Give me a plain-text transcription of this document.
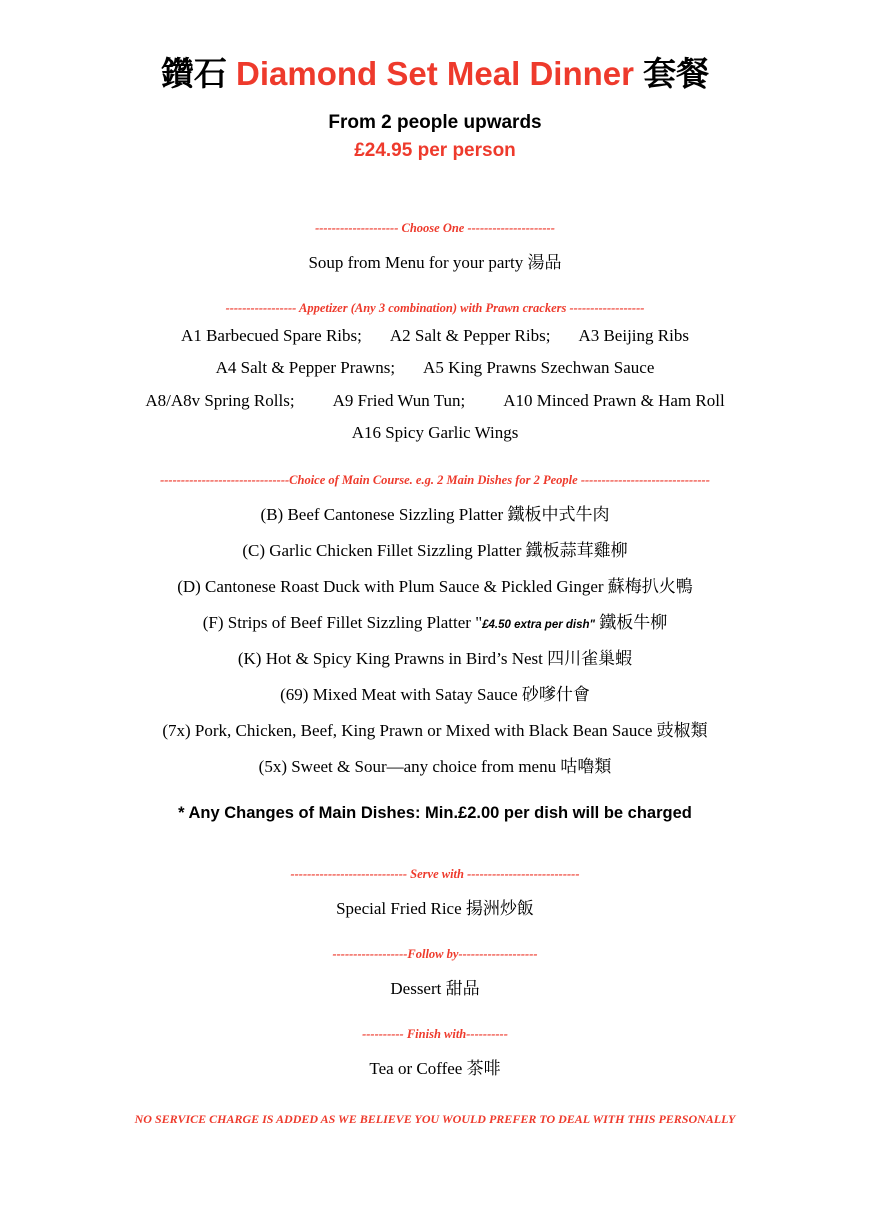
鑽石 Diamond Set Meal Dinner 套餐
From 2 people upwards
£24.95 per person
-------------------- Choose One ---------------------
Soup from Menu for your party 湯品
----------------- Appetizer (Any 3 combination) with Prawn crackers ------------------
A1 Barbecued Spare Ribs; A2 Salt & Pepper Ribs; A3 Beijing Ribs
A4 Salt & Pepper Prawns; A5 King Prawns Szechwan Sauce
A8/A8v Spring Rolls; A9 Fried Wun Tun; A10 Minced Prawn & Ham Roll
A16 Spicy Garlic Wings
-------------------------------Choice of Main Course. e.g. 2 Main Dishes for 2 People -------------------------------
(B) Beef Cantonese Sizzling Platter 鐵板中式牛肉
(C) Garlic Chicken Fillet Sizzling Platter 鐵板蒜茸雞柳
(D) Cantonese Roast Duck with Plum Sauce & Pickled Ginger 蘇梅扒火鴨
(F) Strips of Beef Fillet Sizzling Platter "£4.50 extra per dish" 鐵板牛柳
(K) Hot & Spicy King Prawns in Bird’s Nest 四川雀巢蝦
(69) Mixed Meat with Satay Sauce 砂嗲什會
(7x) Pork, Chicken, Beef, King Prawn or Mixed with Black Bean Sauce 豉椒類
(5x) Sweet & Sour—any choice from menu 咕嚕類
* Any Changes of Main Dishes: Min.£2.00 per dish will be charged
---------------------------- Serve with ---------------------------
Special Fried Rice 揚洲炒飯
------------------Follow by-------------------
Dessert 甜品
---------- Finish with----------
Tea or Coffee 茶啡
NO SERVICE CHARGE IS ADDED AS WE BELIEVE YOU WOULD PREFER TO DEAL WITH THIS PERSONALLY
